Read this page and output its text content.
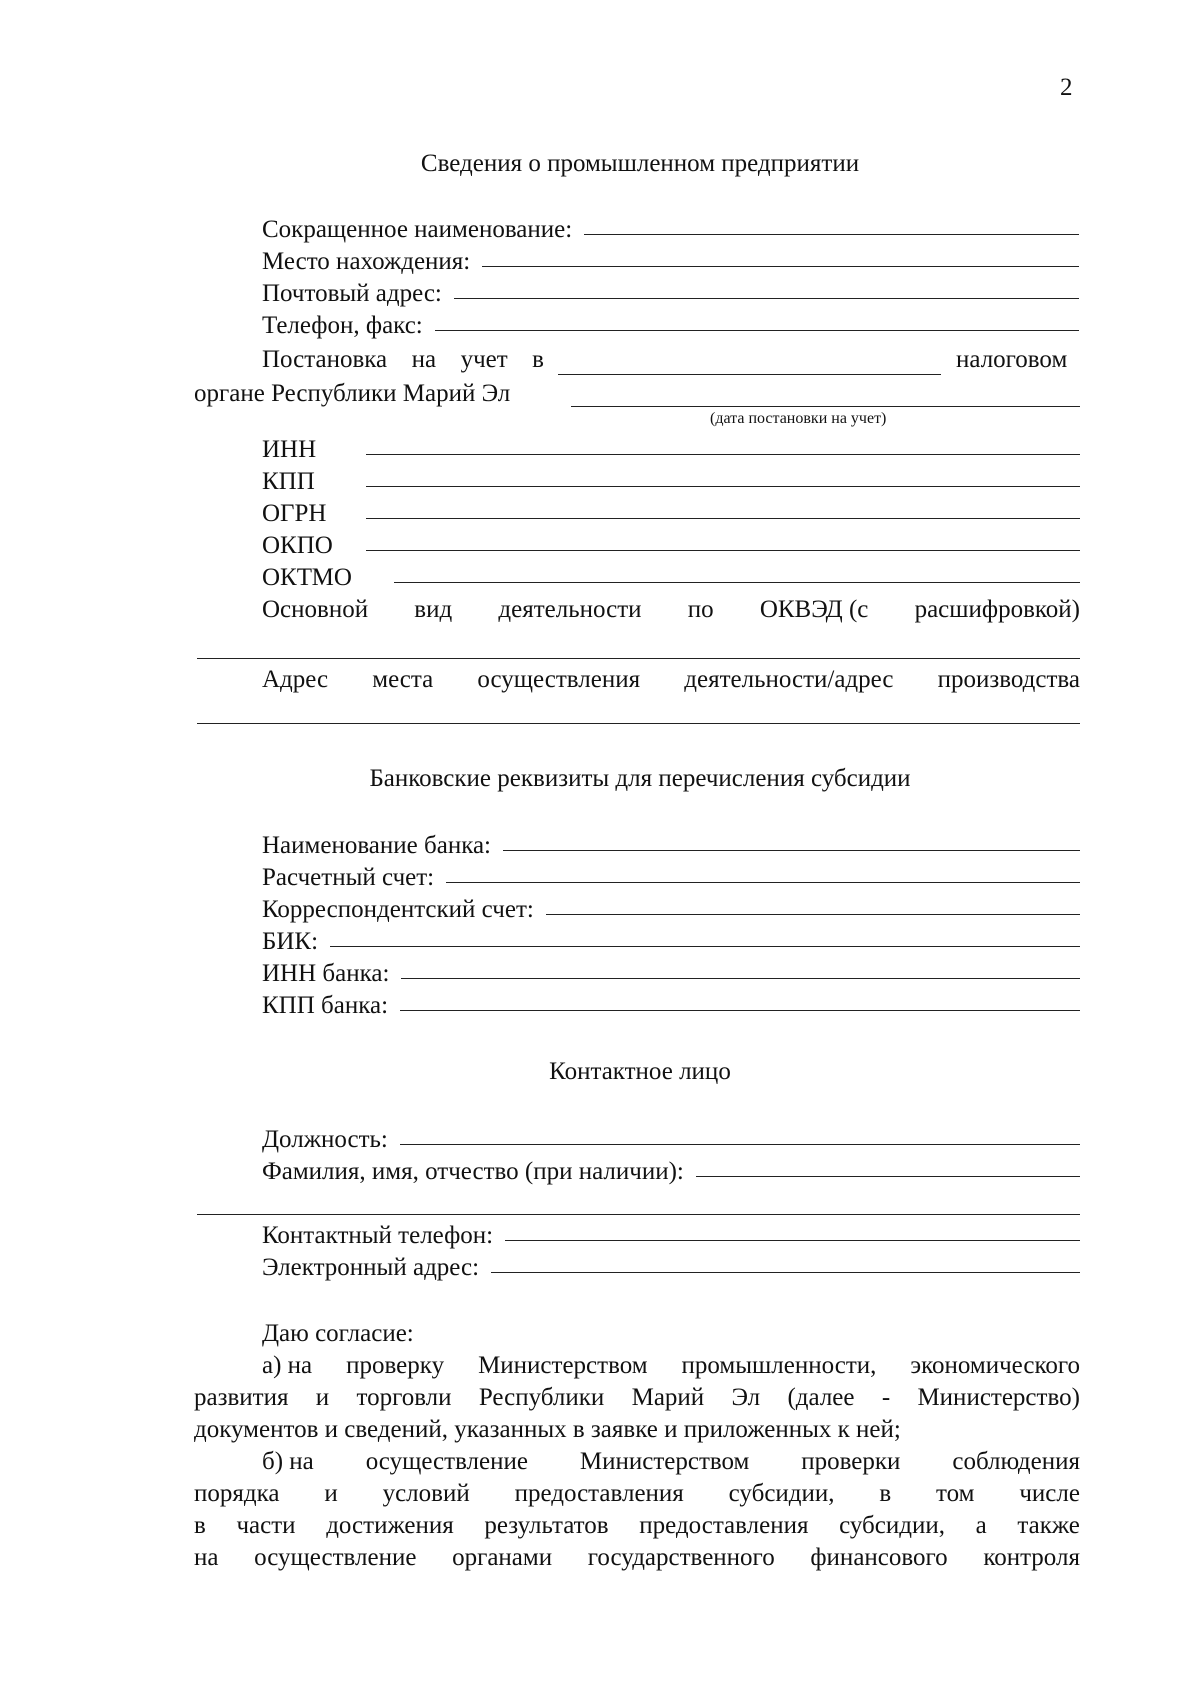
2
Сведения о промышленном предприятии
Сокращенное наименование:
Место нахождения:
Почтовый адрес:
Телефон, факс:
Постановка на учет в	налоговом
органе Республики Марий Эл
(дата постановки на учет)
ИНН
КПП
ОГРН
ОКПО
ОКТМО
Основной вид деятельности по ОКВЭД (с расшифровкой)
Адрес места осуществления деятельности/адрес производства
Банковские реквизиты для перечисления субсидии
Наименование банка:
Расчетный счет:
Корреспондентский счет:
БИК:
ИНН банка:
КПП банка:
Контактное лицо
Должность:
Фамилия, имя, отчество (при наличии):
Контактный телефон:
Электронный адрес:
Даю согласие:
а) на проверку Министерством промышленности, экономического
развития и торговли Республики Марий Эл (далее - Министерство)
документов и сведений, указанных в заявке и приложенных к ней;
б) на осуществление Министерством проверки соблюдения
порядка и условий предоставления субсидии, в том числе
в части достижения результатов предоставления субсидии, а также
на осуществление органами государственного финансового контроля
